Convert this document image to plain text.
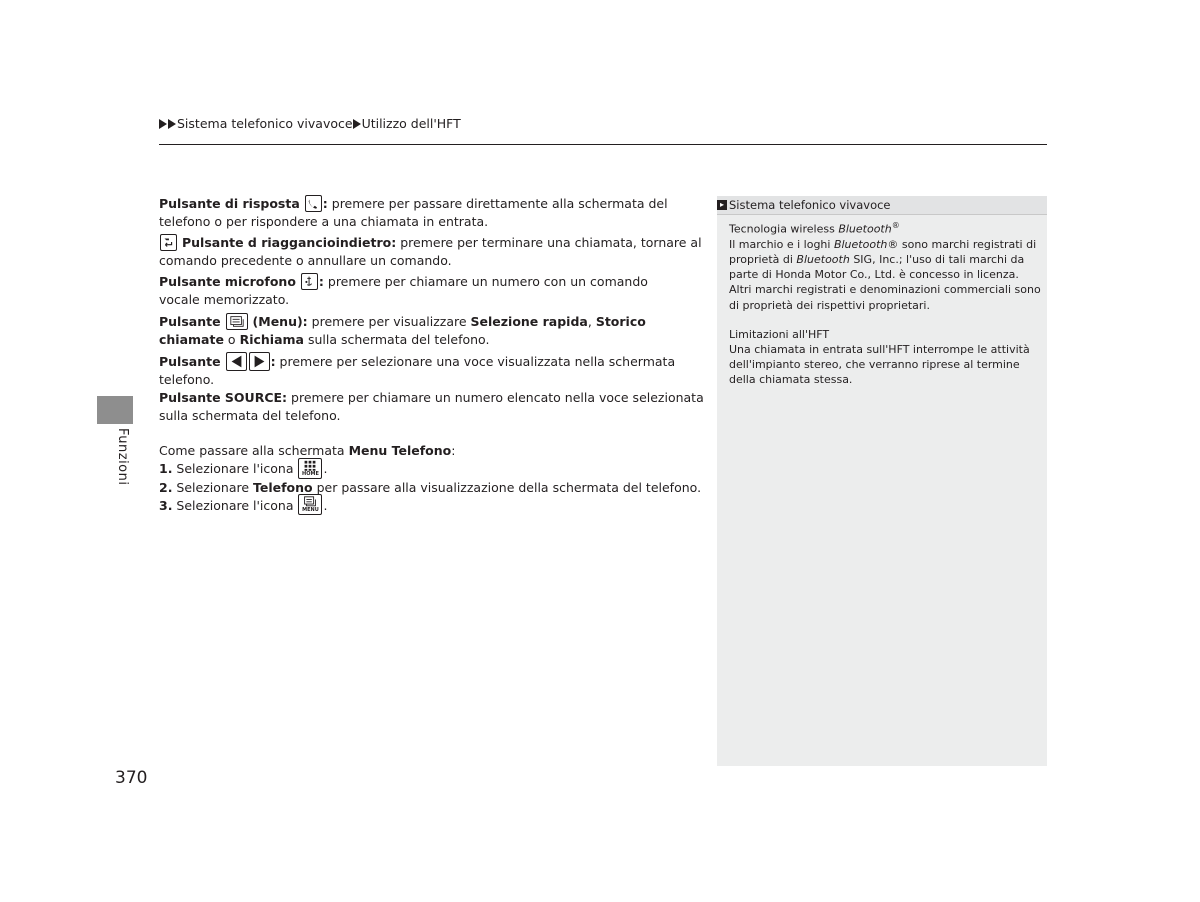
Sistema telefonico vivavoce Utilizzo dell'HFT

Pulsante di risposta : premere per passare direttamente alla schermata del telefono o per rispondere a una chiamata in entrata.

Pulsante d riaggancioindietro: premere per terminare una chiamata, tornare al comando precedente o annullare un comando.

Pulsante microfono : premere per chiamare un numero con un comando
vocale memorizzato.

Pulsante	(Menu): premere per visualizzare Selezione rapida, Storico chiamate o Richiama sulla schermata del telefono.

Pulsante	: premere per selezionare una voce visualizzata nella schermata telefono.

Pulsante SOURCE: premere per chiamare un numero elencato nella voce selezionata sulla schermata del telefono.

Come passare alla schermata Menu Telefono:

1. Selezionare l'icona HOME .

2. Selezionare Telefono per passare alla visualizzazione della schermata del telefono.

3. Selezionare l'icona MENU .

Funzioni
370
▸ Sistema telefonico vivavoce

Tecnologia wireless Bluetooth®

Il marchio e i loghi Bluetooth® sono marchi registrati di proprietà di Bluetooth SIG, Inc.; l'uso di tali marchi da parte di Honda Motor Co., Ltd. è concesso in licenza. Altri marchi registrati e denominazioni commerciali sono di proprietà dei rispettivi proprietari.

Limitazioni all'HFT

Una chiamata in entrata sull'HFT interrompe le attività dell'impianto stereo, che verranno riprese al termine della chiamata stessa.
